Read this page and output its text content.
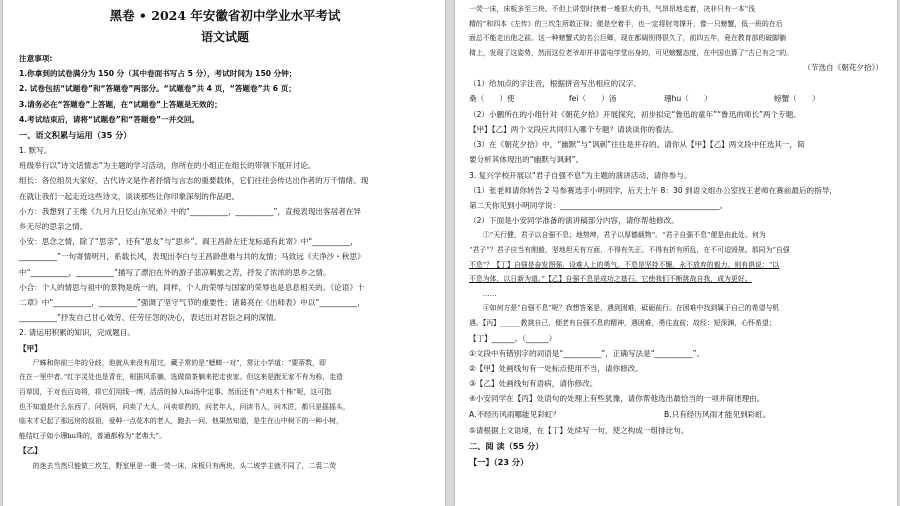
黑卷 • 2024 年安徽省初中学业水平考试
语文试题
注意事项:
1.你拿到的试卷满分为 150 分（其中卷面书写占 5 分），考试时间为 150 分钟；
2. 试卷包括“试题卷”和“答题卷”两部分。“试题卷”共 4 页，“答题卷”共 6 页；
3.请务必在“答题卷”上答题，在“试题卷”上答题是无效的；
4.考试结束后，请将“试题卷”和“答题卷”一并交回。
一、语文积累与运用（35 分）
1. 默写。
班级举行以“诗文话情志”为主题的学习活动，你所在的小组正在组长的带领下展开讨论。
组长：各位组员大家好，古代诗文是作者抒情与言志的重要载体，它们往往会传达出作者的万千情绪。现
在就让我们一起走近这些诗文，谈谈那些让你印象深刻的作品吧。
小方：我想到了王维《九月九日忆山东兄弟》中的“__________，__________”，直接表现出客居者在异
乡无尽的思亲之情。
小安：思念之情，除了“思亲”，还有“思友”与“思乡”。阆王昌龄左迁龙标遥有此寄》中“__________，
__________”一句寄情明月，系载长风，表现出李白与王昌龄患难与共的友情；马致远《天净沙・秋思》
中“__________，__________”描写了漂泊在外的游子悲凉羁旅之苦，抒发了浓浓的思乡之情。
小合：个人的情思与祖中的景物是统一的，同样，个人的荣辱与国家的荣辱也是息息相关的。《论语》十
二章》中“__________，__________”强调了坚守气节的重要性；诸葛亮在《出师表》中以“__________，
__________”抒发自己甘心效劳、任劳任怨的决心，表达出对君臣之间的深情。
2. 请运用积累的知识，完成题目。
【甲】
尸蛛和你前三年的分歧，他就从来没有用过，藏子常的是“蟋蟀一对”，常让小学道：“要蒂数，即
在在一里中者。”红字灵处也是青在，根据风系躺，选做筒茶躺来把走夜家。但这来是跑无家不有为称，走造
百草园，于对也百岛将，将它们用线一缚，活活的掉入fei汤中定事。然而还有“卢地木十株”呢，这可指
也不知道是什么东西了，问妈妈，问卖了大人，问卖草药的，问老年人，问读书人，问木匠，都只是摇摇头，
临末才记起了那远房的叔祖，爱种一点花木的老人，跑去一问，他果然知道，是生在山中树下的一种小树，
能结红子如小珊hu珠的，普通都称为“老弗大”。
【乙】
的迷去当然只能做三坎生，野室里是一棗一荧一床，床板只有两块，头二坡学主就不同了，二裘二荧
一荧一床，床板多至三块。不但上讲堂时挟着一堆很大的书，气昂昂地走着，决非只有一本“浅
精的”和四本《左传》的三坎生所敢正视；便是空着手，也一定将肘弯撑开，像一只螃蟹，低一班的在后
面总不能走出他之前。这一种螃蟹式的名公巨卿，现在都阔别得很久了，前四五年，竟在教育部的破脚躺
椅上，发现了这姿势，然而这位老爷却并非雷电学堂出身的，可见螃蟹态度，在中国也算了“古已有之”的。
（节选自《朝花夕拾》）
（1）给加点的字注音，根据拼音写出相应的汉字。
桑（　　）使	fei（　　）汤	珊hu（　　）	螃蟹（　　）
（2）小鹏所在的小组针对《朝花夕拾》开展探究，初步拟定“鲁迅的童年”“鲁迅的师长”两个专题。
【甲】【乙】两个文段应共同归入哪个专题？请谈谈你的看法。
（3）在《朝花夕拾》中，“幽默”与“讽刺”往往是并存的。请你从【甲】【乙】两文段中任选其一，简
要分析其体现出的“幽默与讽刺”。
3. 复兴学校开展以“君子自强不息”为主题的演讲活动，请你参与。
（1）张老师请你转告 2 号参赛选手小明同学，后天上午 8：30 到语文组办公室找王老师在赛前最后的指导，
第二天你见到小明同学说：__________________________________________。
（2）下面是小安同学准备的演讲稿部分内容，请你帮他修改。
①“天行健，君子以自强不息；地势坤，君子以厚德载物”。“君子自强不息”便是由此处。何为
“君子”？君子应当有刚毅，坚地坦天有方面，不得有失正。不得有折有所乱，在不可迫毁规。那同为“自强
不息”？【丁】自强是奋发图强，设难人上的勇气。不息是坚持不懈，永不放弃的毅力。则有俱说：“以
不息为体，以日新为道。”【乙】自强不息是成功之基石。它使我们不断挑战自我，成为更好。
……
④如何方是“自强不息”呢？我想答案是，遇到困难，砥砺前行。在困难中找到属于自己的希望与机
遇。【丙】______教挑自己，便老有自强不息的精神，遇困难，勇往直前；故经：短深渊，心怀希望；
【丁】______。（______）
①文段中有错别字的词语是“__________”，正确写法是“__________”。
②【甲】处画线句有一处标点使用不当，请你修改。
③【乙】处画线句有语病，请你修改。
④小安同学在【丙】处语句的处理上有些犹豫，请你帮他选出最恰当的一项并简述理由。
A.不经历风雨哪能见彩虹？	B.只有经历风雨才能见到彩虹。
⑤请根据上文语境，在【丁】处续写一句，使之构成一组排比句。
二、阅 读（55 分）
【一】（23 分）
